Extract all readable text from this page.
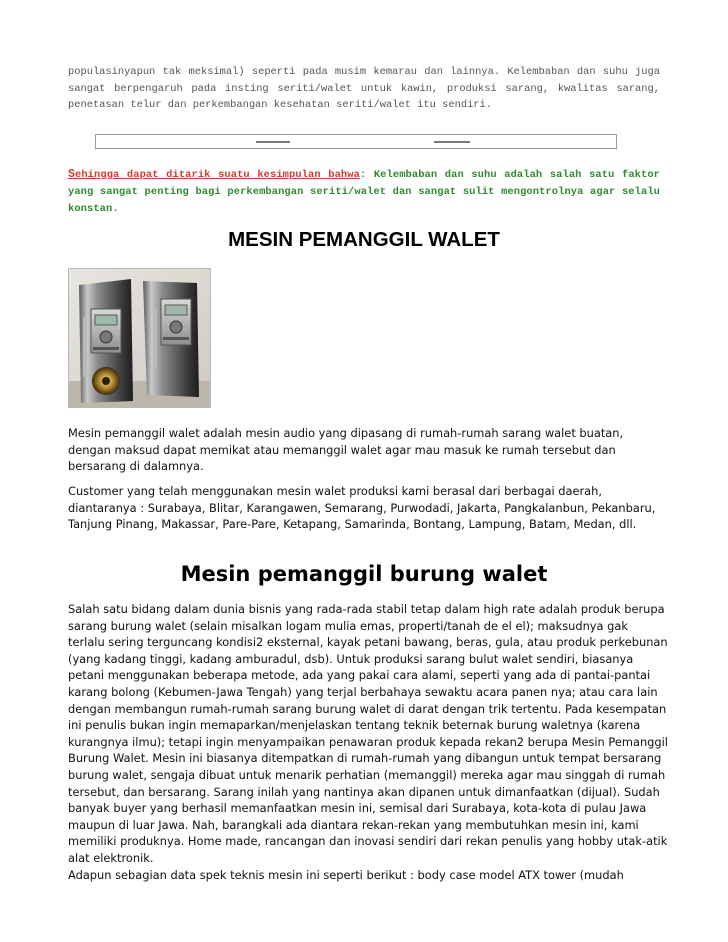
populasinyapun tak meksimal) seperti pada musim kemarau dan lainnya. Kelembaban dan suhu juga sangat berpengaruh pada insting seriti/walet untuk kawin, produksi sarang, kwalitas sarang, penetasan telur dan perkembangan kesehatan seriti/walet itu sendiri.

Sehingga dapat ditarik suatu kesimpulan bahwa: Kelembaban dan suhu adalah salah satu faktor yang sangat penting bagi perkembangan seriti/walet dan sangat sulit mengontrolnya agar selalu konstan.

MESIN PEMANGGIL WALET

Mesin pemanggil walet adalah mesin audio yang dipasang di rumah-rumah sarang walet buatan, dengan maksud dapat memikat atau memanggil walet agar mau masuk ke rumah tersebut dan bersarang di dalamnya.

Customer yang telah menggunakan mesin walet produksi kami berasal dari berbagai daerah, diantaranya : Surabaya, Blitar, Karangawen, Semarang, Purwodadi, Jakarta, Pangkalanbun, Pekanbaru, Tanjung Pinang, Makassar, Pare-Pare, Ketapang, Samarinda, Bontang, Lampung, Batam, Medan, dll.

Mesin pemanggil burung walet

Salah satu bidang dalam dunia bisnis yang rada-rada stabil tetap dalam high rate adalah produk berupa sarang burung walet (selain misalkan logam mulia emas, properti/tanah de el el); maksudnya gak terlalu sering terguncang kondisi2 eksternal, kayak petani bawang, beras, gula, atau produk perkebunan (yang kadang tinggi, kadang amburadul, dsb). Untuk produksi sarang bulut walet sendiri, biasanya petani menggunakan beberapa metode, ada yang pakai cara alami, seperti yang ada di pantai-pantai karang bolong (Kebumen-Jawa Tengah) yang terjal berbahaya sewaktu acara panen nya; atau cara lain dengan membangun rumah-rumah sarang burung walet di darat dengan trik tertentu. Pada kesempatan ini penulis bukan ingin memaparkan/menjelaskan tentang teknik beternak burung waletnya (karena kurangnya ilmu); tetapi ingin menyampaikan penawaran produk kepada rekan2 berupa Mesin Pemanggil Burung Walet. Mesin ini biasanya ditempatkan di rumah-rumah yang dibangun untuk tempat bersarang burung walet, sengaja dibuat untuk menarik perhatian (memanggil) mereka agar mau singgah di rumah tersebut, dan bersarang. Sarang inilah yang nantinya akan dipanen untuk dimanfaatkan (dijual). Sudah banyak buyer yang berhasil memanfaatkan mesin ini, semisal dari Surabaya, kota-kota di pulau Jawa maupun di luar Jawa. Nah, barangkali ada diantara rekan-rekan yang membutuhkan mesin ini, kami memiliki produknya. Home made, rancangan dan inovasi sendiri dari rekan penulis yang hobby utak-atik alat elektronik.
Adapun sebagian data spek teknis mesin ini seperti berikut : body case model ATX tower (mudah
